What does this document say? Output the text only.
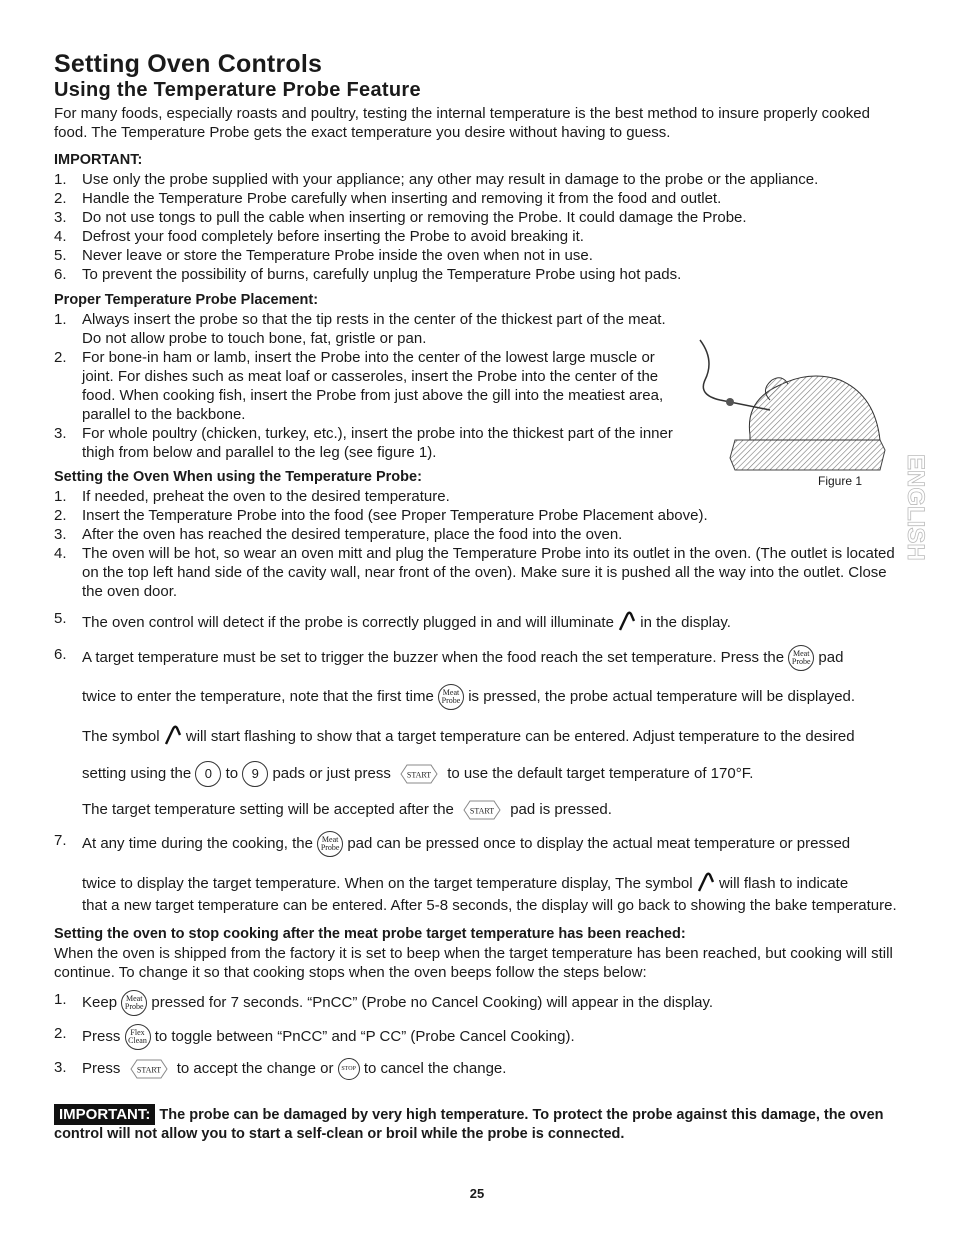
Setting Oven Controls
Using the Temperature Probe Feature

For many foods, especially roasts and poultry, testing the internal temperature is the best method to insure properly cooked food. The Temperature Probe gets the exact temperature you desire without having to guess.

IMPORTANT:

1. Use only the probe supplied with your appliance; any other may result in damage to the probe or the appliance.
2. Handle the Temperature Probe carefully when inserting and removing it from the food and outlet.
3. Do not use tongs to pull the cable when inserting or removing the Probe. It could damage the Probe.
4. Defrost your food completely before inserting the Probe to avoid breaking it.
5. Never leave or store the Temperature Probe inside the oven when not in use.
6. To prevent the possibility of burns, carefully unplug the Temperature Probe using hot pads.

Proper Temperature Probe Placement:

1. Always insert the probe so that the tip rests in the center of the thickest part of the meat. Do not allow probe to touch bone, fat, gristle or pan.
2. For bone-in ham or lamb, insert the Probe into the center of the lowest large muscle or joint. For dishes such as meat loaf or casseroles, insert the Probe into the center of the food. When cooking fish, insert the Probe from just above the gill into the meatiest area, parallel to the backbone.
3. For whole poultry (chicken, turkey, etc.), insert the probe into the thickest part of the inner thigh from below and parallel to the leg (see figure 1).

Setting the Oven When using the Temperature Probe:

1. If needed, preheat the oven to the desired temperature.
2. Insert the Temperature Probe into the food (see Proper Temperature Probe Placement above).
3. After the oven has reached the desired temperature, place the food into the oven.
4. The oven will be hot, so wear an oven mitt and plug the Temperature Probe into its outlet in the oven. (The outlet is located on the top left hand side of the cavity wall, near front of the oven). Make sure it is pushed all the way into the outlet. Close the oven door.
5. The oven control will detect if the probe is correctly plugged in and will illuminate in the display.
6. A target temperature must be set to trigger the buzzer when the food reach the set temperature. Press the Meat
Probe pad
twice to enter the temperature, note that the first time Meat
Probe is pressed, the probe actual temperature will be displayed.
The symbol will start flashing to show that a target temperature can be entered. Adjust temperature to the desired
setting using the 0 to 9 pads or just press START to use the default target temperature of 170°F.
The target temperature setting will be accepted after the START pad is pressed.
7. At any time during the cooking, the Meat
Probe pad can be pressed once to display the actual meat temperature or pressed
twice to display the target temperature. When on the target temperature display, The symbol will flash to indicate
that a new target temperature can be entered. After 5-8 seconds, the display will go back to showing the bake temperature.

Setting the oven to stop cooking after the meat probe target temperature has been reached:

When the oven is shipped from the factory it is set to beep when the target temperature has been reached, but cooking will still continue. To change it so that cooking stops when the oven beeps follow the steps below:

1. Keep Meat
Probe pressed for 7 seconds. “PnCC” (Probe no Cancel Cooking) will appear in the display.
2. Press Flex
Clean to toggle between “PnCC” and “P CC” (Probe Cancel Cooking).
3. Press START to accept the change or STOP to cancel the change.

IMPORTANT: The probe can be damaged by very high temperature. To protect the probe against this damage, the oven control will not allow you to start a self-clean or broil while the probe is connected.

Figure 1 ENGLISH
25
